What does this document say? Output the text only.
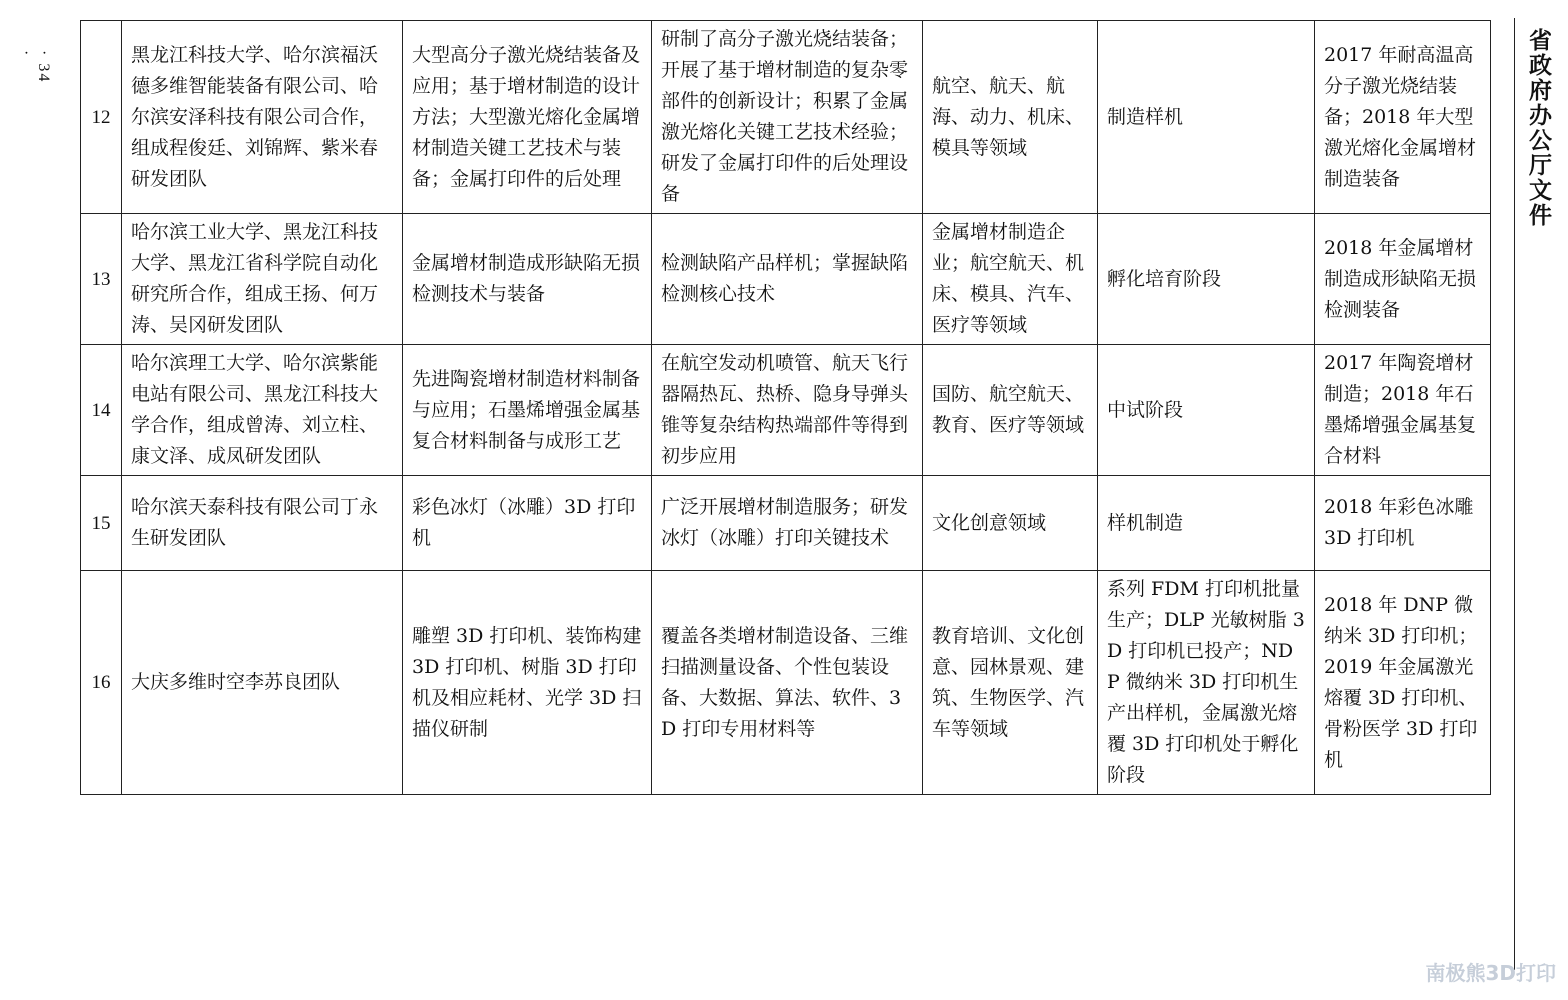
· 34 ·
12	黑龙江科技大学、哈尔滨福沃德多维智能装备有限公司、哈尔滨安泽科技有限公司合作，组成程俊廷、刘锦辉、紫米春研发团队	大型高分子激光烧结装备及应用；基于增材制造的设计方法；大型激光熔化金属增材制造关键工艺技术与装备；金属打印件的后处理	研制了高分子激光烧结装备；开展了基于增材制造的复杂零部件的创新设计；积累了金属激光熔化关键工艺技术经验；研发了金属打印件的后处理设备	航空、航天、航海、动力、机床、模具等领域	制造样机	2017 年耐高温高分子激光烧结装备；2018 年大型激光熔化金属增材制造装备
13	哈尔滨工业大学、黑龙江科技大学、黑龙江省科学院自动化研究所合作，组成王扬、何万涛、吴冈研发团队	金属增材制造成形缺陷无损检测技术与装备	检测缺陷产品样机；掌握缺陷检测核心技术	金属增材制造企业；航空航天、机床、模具、汽车、医疗等领域	孵化培育阶段	2018 年金属增材制造成形缺陷无损检测装备
14	哈尔滨理工大学、哈尔滨紫能电站有限公司、黑龙江科技大学合作，组成曾涛、刘立柱、康文泽、成凤研发团队	先进陶瓷增材制造材料制备与应用；石墨烯增强金属基复合材料制备与成形工艺	在航空发动机喷管、航天飞行器隔热瓦、热桥、隐身导弹头锥等复杂结构热端部件等得到初步应用	国防、航空航天、教育、医疗等领域	中试阶段	2017 年陶瓷增材制造；2018 年石墨烯增强金属基复合材料
15	哈尔滨天泰科技有限公司丁永生研发团队	彩色冰灯（冰雕）3D 打印机	广泛开展增材制造服务；研发冰灯（冰雕）打印关键技术	文化创意领域	样机制造	2018 年彩色冰雕 3D 打印机
16	大庆多维时空李苏良团队	雕塑 3D 打印机、装饰构建 3D 打印机、树脂 3D 打印机及相应耗材、光学 3D 扫描仪研制	覆盖各类增材制造设备、三维扫描测量设备、个性包装设备、大数据、算法、软件、3D 打印专用材料等	教育培训、文化创意、园林景观、建筑、生物医学、汽车等领域	系列 FDM 打印机批量生产；DLP 光敏树脂 3D 打印机已投产；NDP 微纳米 3D 打印机生产出样机，金属激光熔覆 3D 打印机处于孵化阶段	2018 年 DNP 微纳米 3D 打印机；2019 年金属激光熔覆 3D 打印机、骨粉医学 3D 打印机
省政府办公厅文件
南极熊3D打印
